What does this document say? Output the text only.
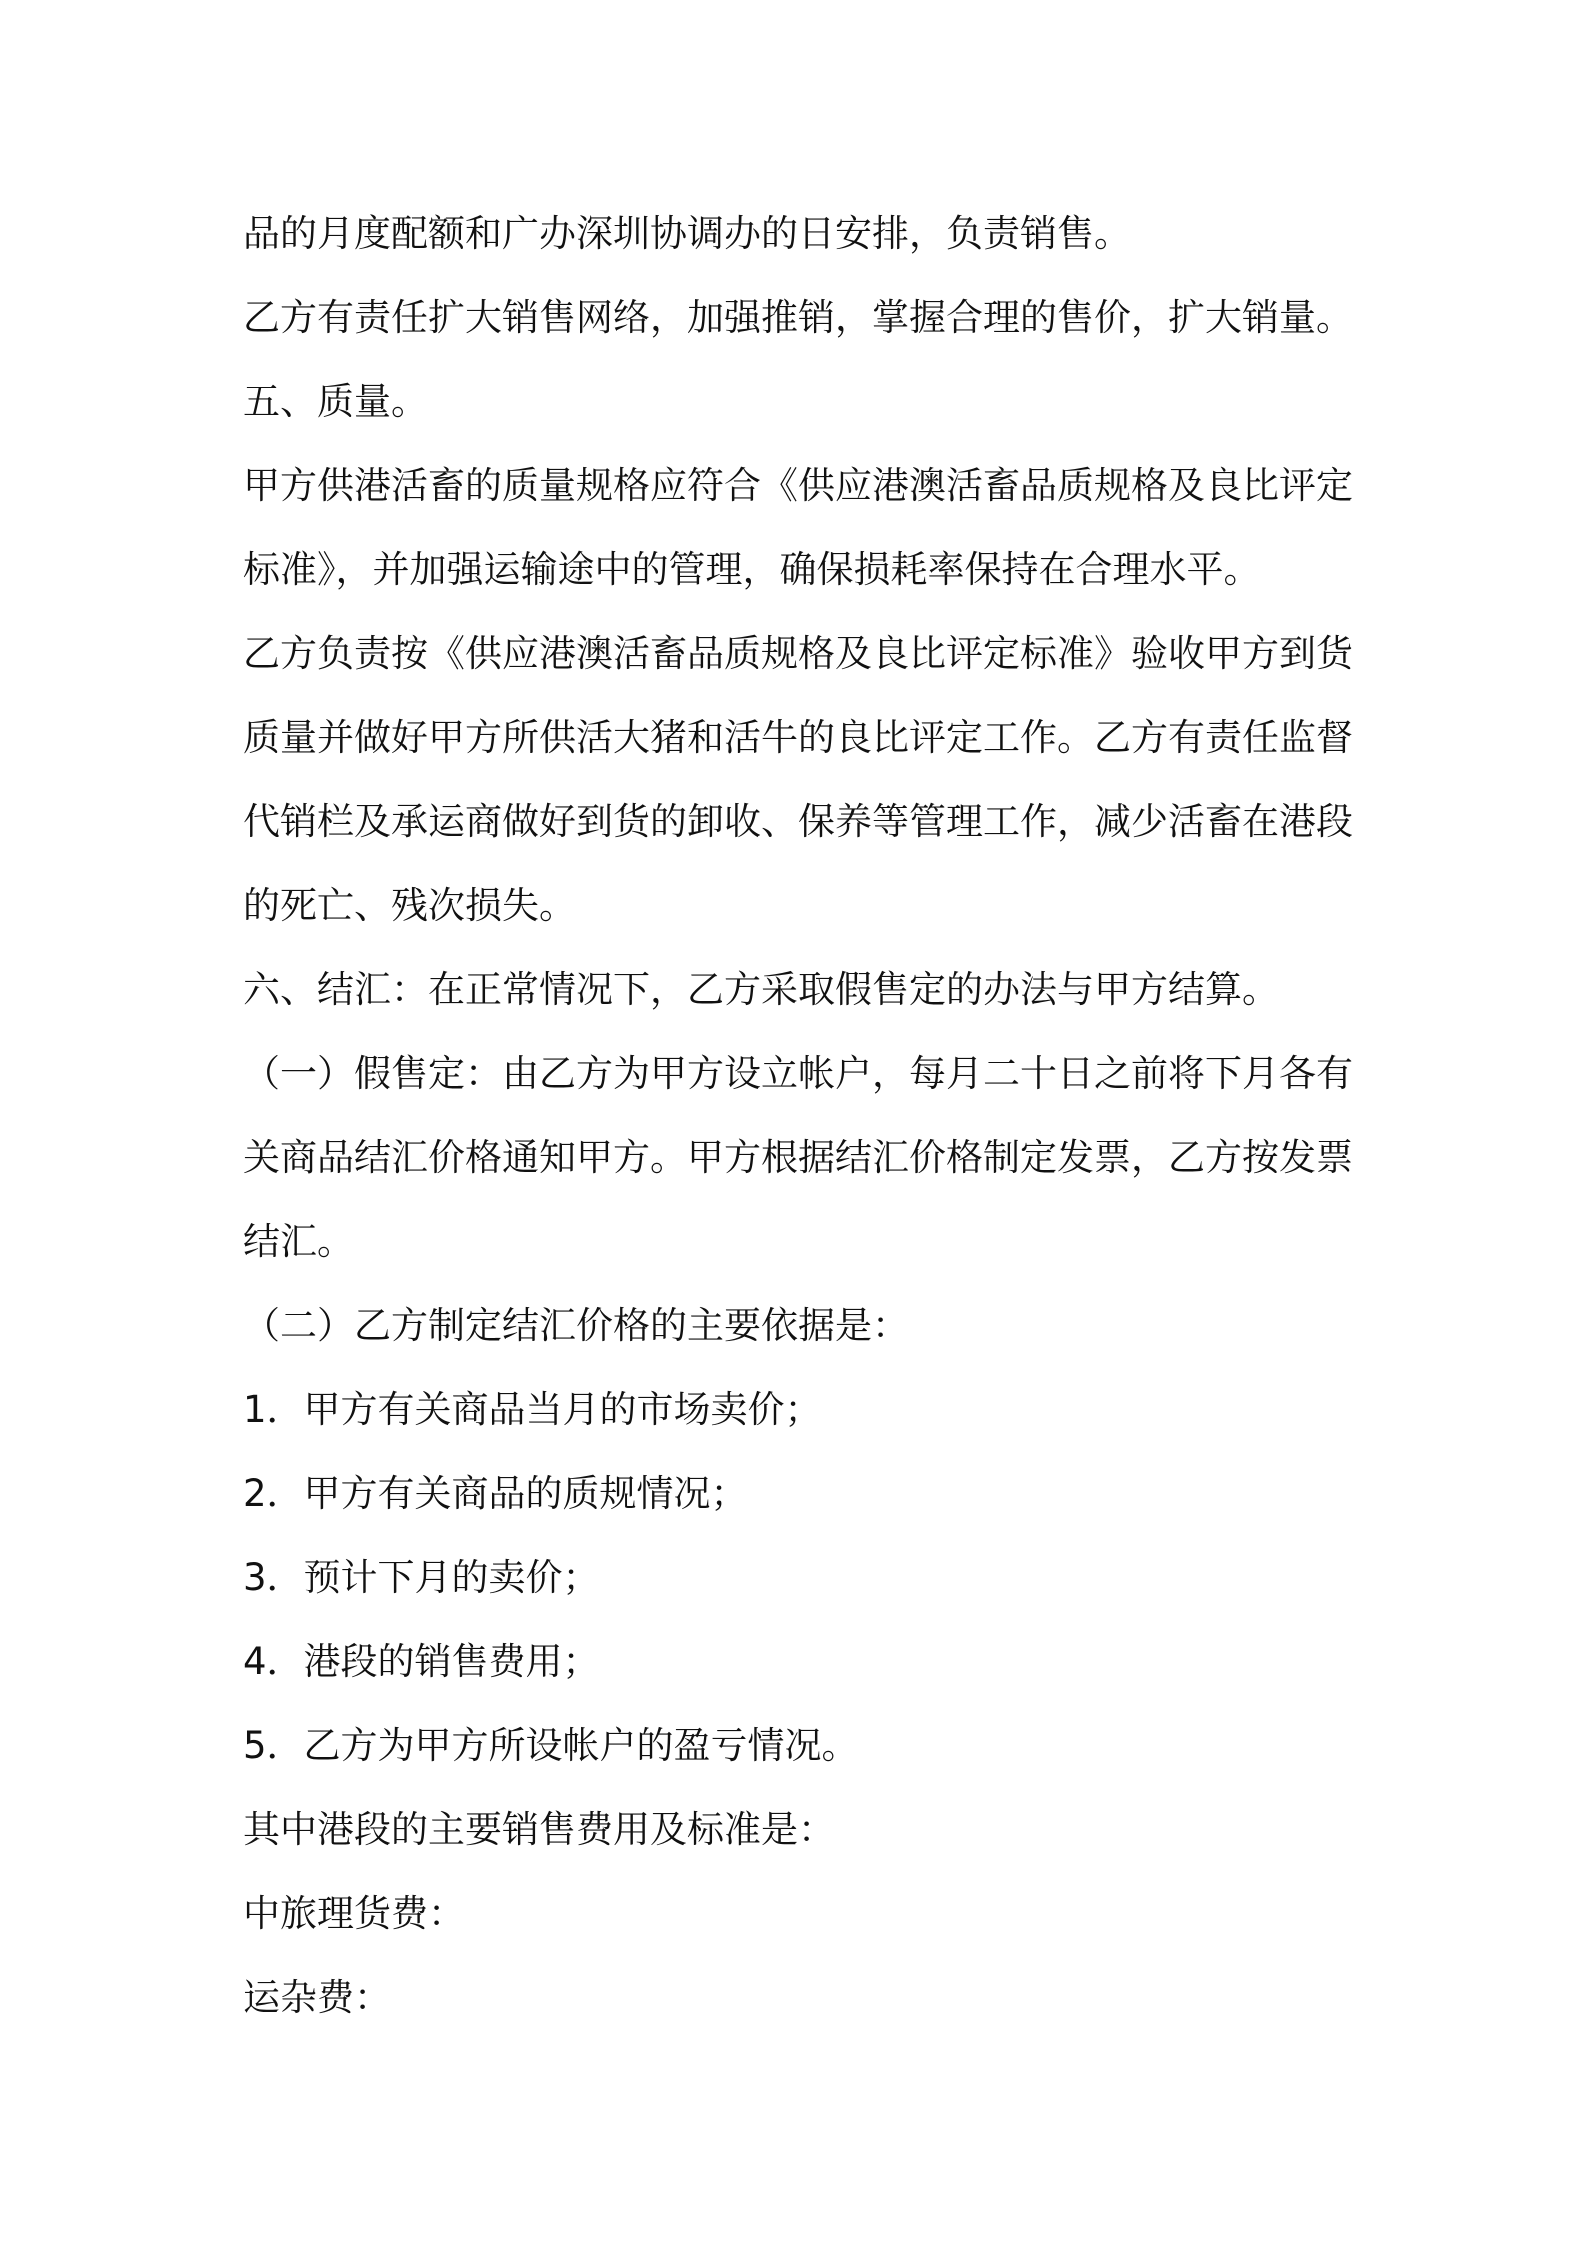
品的月度配额和广办深圳协调办的日安排，负责销售。
乙方有责任扩大销售网络，加强推销，掌握合理的售价，扩大销量。
五、质量。
甲方供港活畜的质量规格应符合《供应港澳活畜品质规格及良比评定
标准》，并加强运输途中的管理，确保损耗率保持在合理水平。
乙方负责按《供应港澳活畜品质规格及良比评定标准》验收甲方到货
质量并做好甲方所供活大猪和活牛的良比评定工作。乙方有责任监督
代销栏及承运商做好到货的卸收、保养等管理工作，减少活畜在港段
的死亡、残次损失。
六、结汇：在正常情况下，乙方采取假售定的办法与甲方结算。
（一）假售定：由乙方为甲方设立帐户，每月二十日之前将下月各有
关商品结汇价格通知甲方。甲方根据结汇价格制定发票，乙方按发票
结汇。
（二）乙方制定结汇价格的主要依据是：
1．甲方有关商品当月的市场卖价；
2．甲方有关商品的质规情况；
3．预计下月的卖价；
4．港段的销售费用；
5．乙方为甲方所设帐户的盈亏情况。
其中港段的主要销售费用及标准是：
中旅理货费：
运杂费：
